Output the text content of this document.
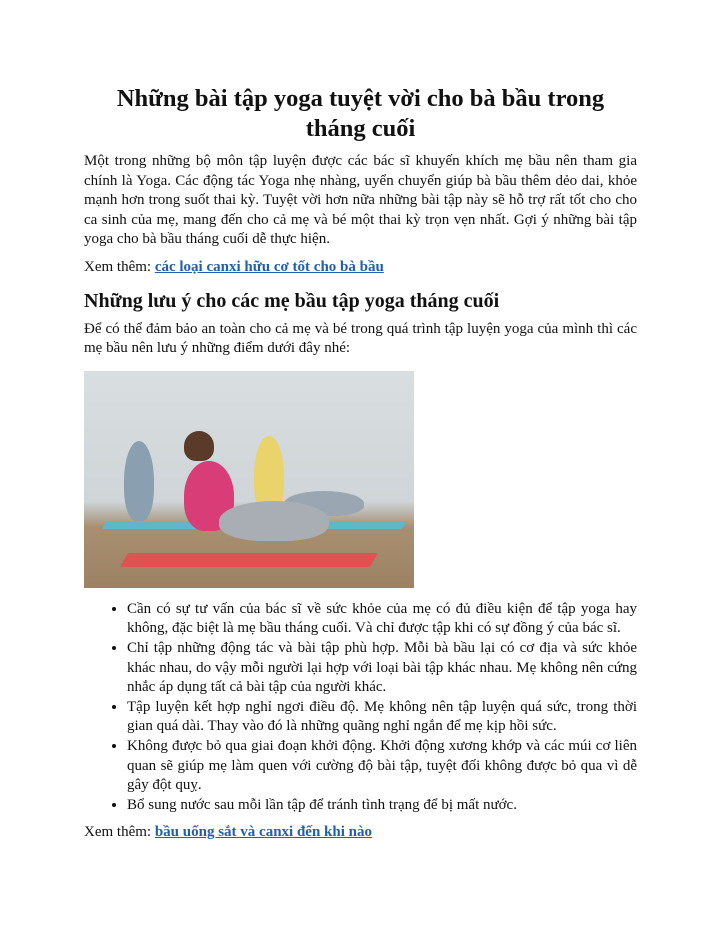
Những bài tập yoga tuyệt vời cho bà bầu trong tháng cuối

Một trong những bộ môn tập luyện được các bác sĩ khuyến khích mẹ bầu nên tham gia chính là Yoga. Các động tác Yoga nhẹ nhàng, uyển chuyển giúp bà bầu thêm dẻo dai, khỏe mạnh hơn trong suốt thai kỳ. Tuyệt vời hơn nữa những bài tập này sẽ hỗ trợ rất tốt cho cho ca sinh của mẹ, mang đến cho cả mẹ và bé một thai kỳ trọn vẹn nhất. Gợi ý những bài tập yoga cho bà bầu tháng cuối dễ thực hiện.

Xem thêm: các loại canxi hữu cơ tốt cho bà bầu

Những lưu ý cho các mẹ bầu tập yoga tháng cuối

Để có thể đảm bảo an toàn cho cả mẹ và bé trong quá trình tập luyện yoga của mình thì các mẹ bầu nên lưu ý những điểm dưới đây nhé:

• Cần có sự tư vấn của bác sĩ về sức khỏe của mẹ có đủ điều kiện để tập yoga hay không, đặc biệt là mẹ bầu tháng cuối. Và chỉ được tập khi có sự đồng ý của bác sĩ.
• Chỉ tập những động tác và bài tập phù hợp. Mỗi bà bầu lại có cơ địa và sức khỏe khác nhau, do vậy mỗi người lại hợp với loại bài tập khác nhau. Mẹ không nên cứng nhắc áp dụng tất cả bài tập của người khác.
• Tập luyện kết hợp nghỉ ngơi điều độ. Mẹ không nên tập luyện quá sức, trong thời gian quá dài. Thay vào đó là những quãng nghỉ ngắn để mẹ kịp hồi sức.
• Không được bỏ qua giai đoạn khởi động. Khởi động xương khớp và các múi cơ liên quan sẽ giúp mẹ làm quen với cường độ bài tập, tuyệt đối không được bỏ qua vì dễ gây đột quỵ.
• Bổ sung nước sau mỗi lần tập để tránh tình trạng để bị mất nước.

Xem thêm: bầu uống sắt và canxi đến khi nào
